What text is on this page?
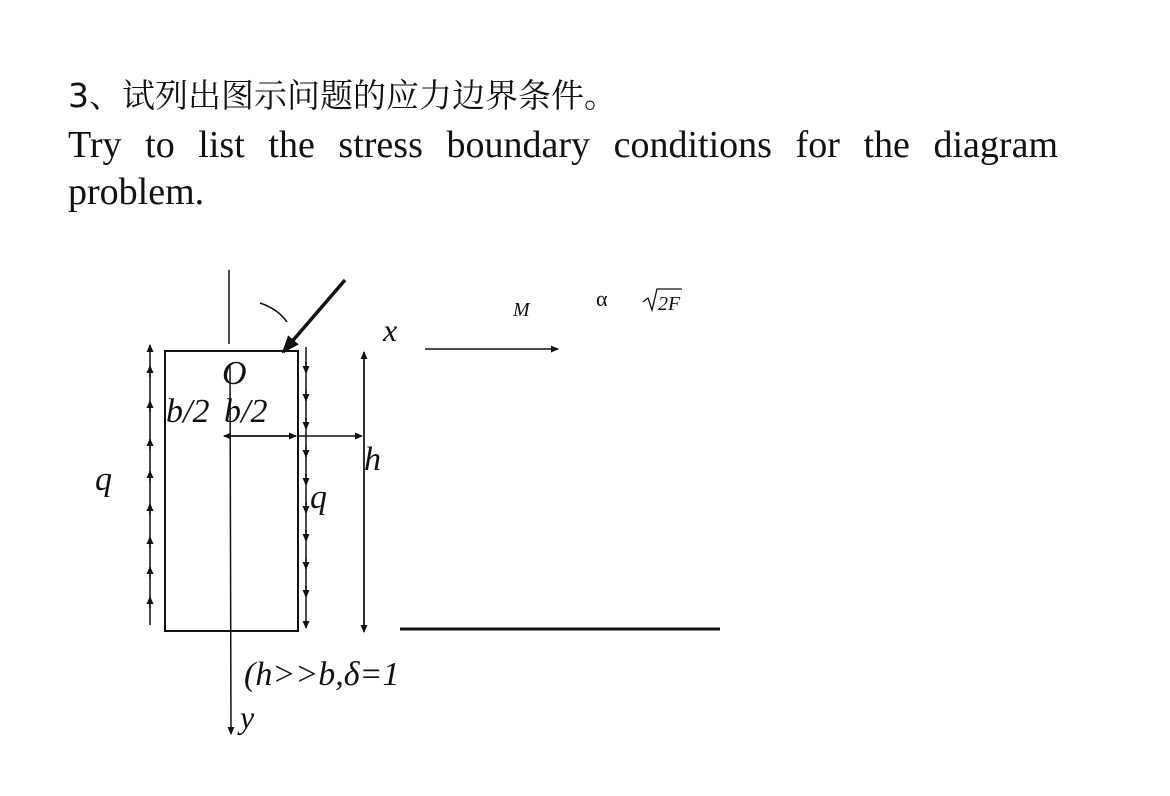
3、试列出图示问题的应力边界条件。

Try to list the stress boundary conditions for the diagram problem.

O
x
y
q	q
b/2 b/2
h
M	α	2F
(h>>b,δ=1
